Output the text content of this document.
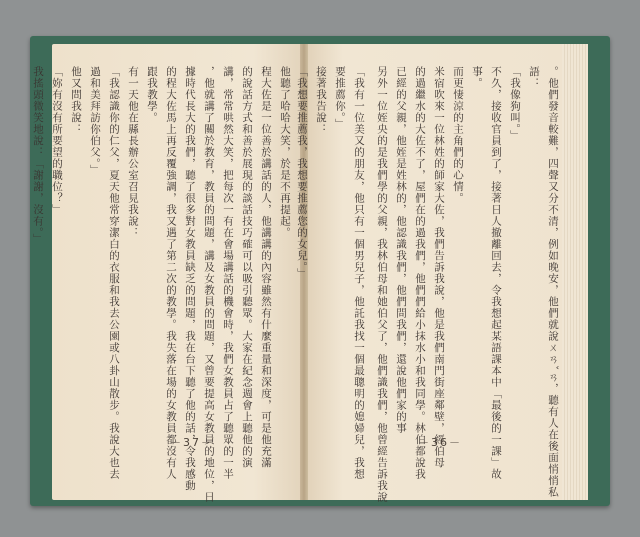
。他們發音較難，四聲又分不清，例如晚安，他們就說ㄨㄢˇㄢ，聽有人在後面悄悄私
語：
「我像狗叫。」
不久，接收官員到了，接著日人撤離回去，令我想起某語課本中「最後的一課」故
事。
而更悽涼的主角們的心情。
米宿吹來一位林姓的師家大佐，我們告訴我說，他是我們南門街座鄰壁，經伯母
的過繼水的大佐不了，屋們在的過我們，他們們給小抹水小和我同學。林伯都說我
已經的父親，他姪是姓林的，他認識我們，他們問我們，還說他們家的事
另外一位姪央的是我們學的父親，我林伯母和她伯父了，他們識我們，他曾經告訴我說
「我有一位美又的朋友，他只有一個男兒子，他託我找一個最聰明的媳婦兒，我想
要推薦你。」
接著我告說：
「我想要推薦我，我想要推薦您的女兒。」
－36－
他聽了哈哈大笑，於是不再提起。
程大佐是一位善於講話的人，他講講的內容雖然有什麼重量和深度，可是他充滿
的說話方式和善於展現的談話技巧確可以吸引聽眾。大家在紀念週會上聽他的演
講，常常哄然大笑，把每次一有在會場講話的機會時，我們女教員占了聽眾的一半
，他就講了關於教育，教員的問題，講及女教員的問題，又曾要提高女教員的地位，日
據時代長大的我們，聽了很多對女教員缺乏的問題，我在台下聽了他的話，令我感動
的程大佐馬上再反覆強調，我又遇了第二次的教學。我失落在場的女教員都沒有人
跟我教學。
有一天他在縣長辦公室召見我說：
「我認識你的仁父，夏天他常穿潔白的衣服和我去公園或八卦山散步。我說大也去
過和美拜訪你伯父。」
他又問我說：
「妳有沒有所要望的職位？」
我搖頭微笑地說：「謝謝，沒有。」
－37－
